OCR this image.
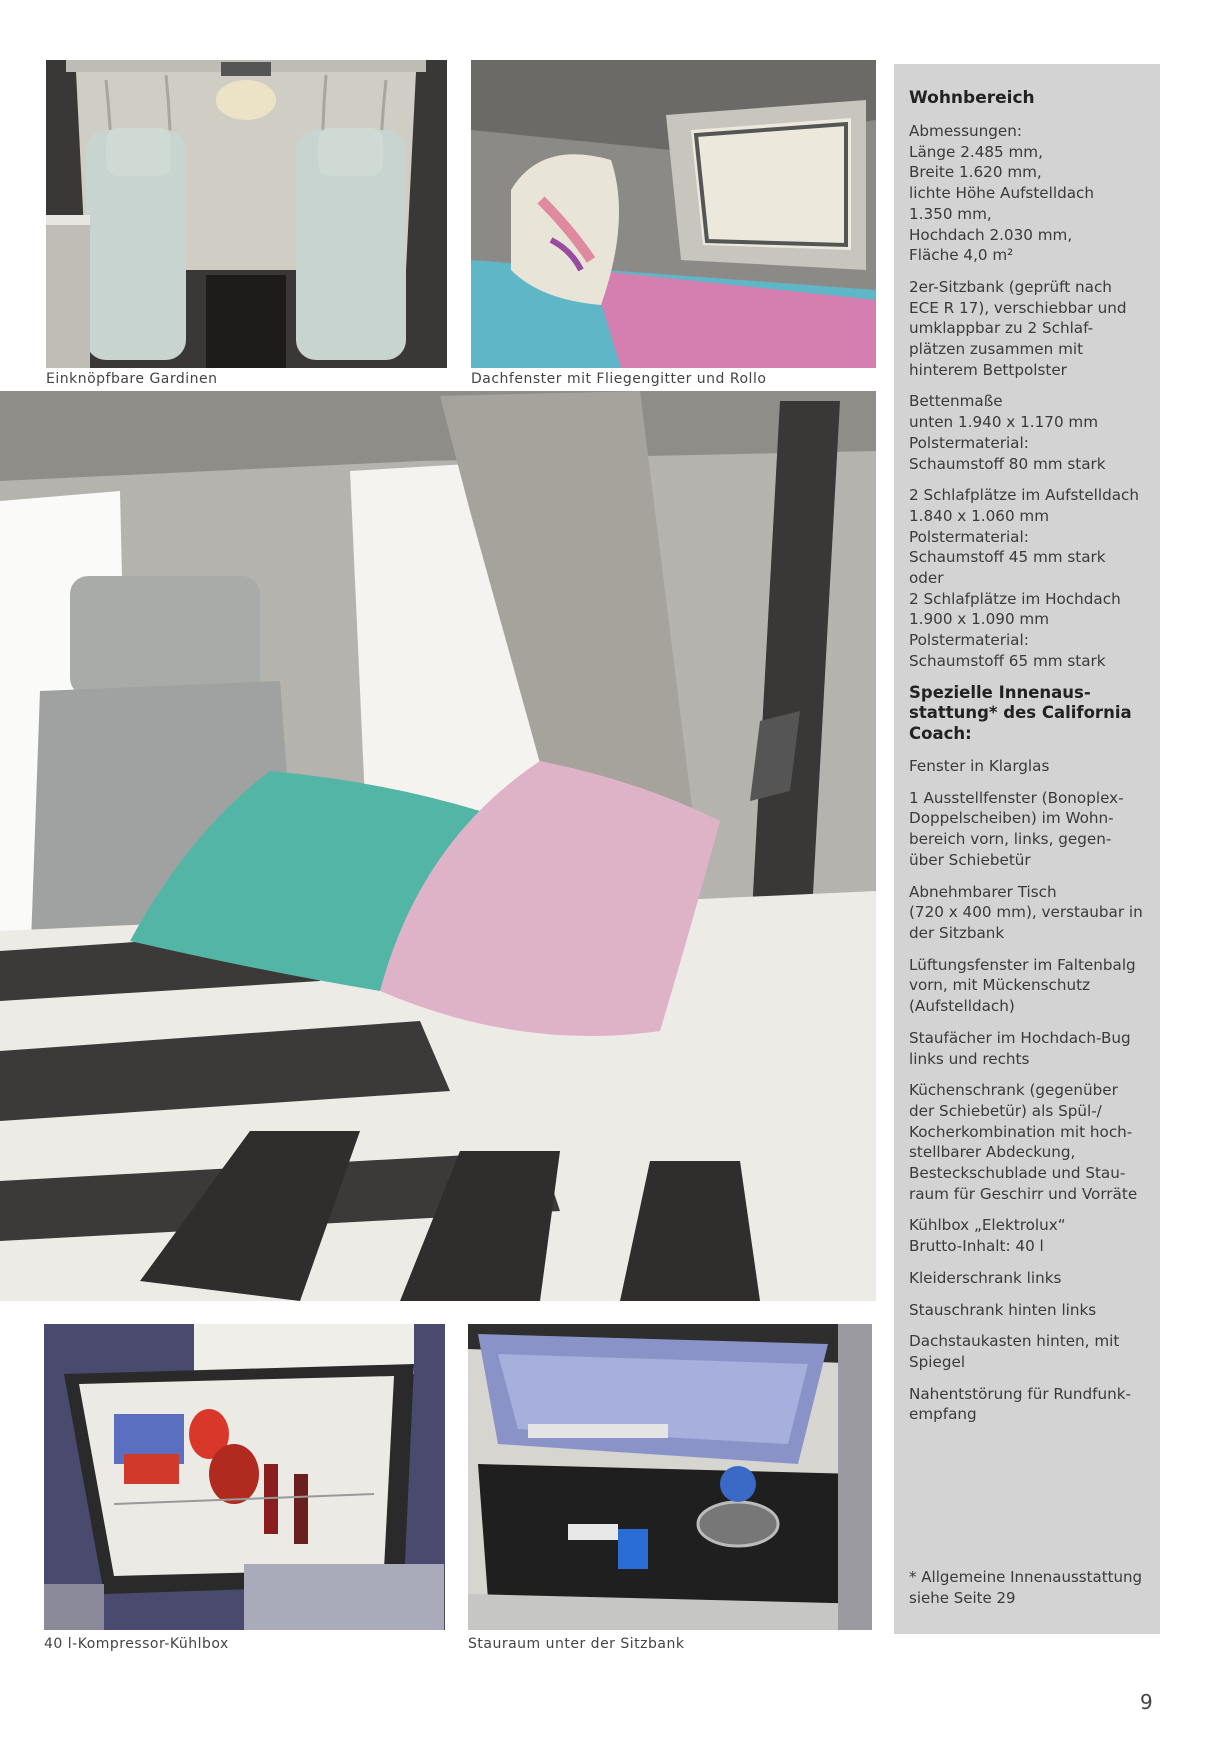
Einknöpfbare Gardinen	Dachfenster mit Fliegengitter und Rollo
40 l-Kompressor-Kühlbox	Stauraum unter der Sitzbank
Wohnbereich

Abmessungen:
Länge 2.485 mm,
Breite 1.620 mm,
lichte Höhe Aufstelldach
1.350 mm,
Hochdach 2.030 mm,
Fläche 4,0 m²

2er-Sitzbank (geprüft nach
ECE R 17), verschiebbar und
umklappbar zu 2 Schlaf-
plätzen zusammen mit
hinterem Bettpolster

Bettenmaße
unten 1.940 x 1.170 mm
Polstermaterial:
Schaumstoff 80 mm stark

2 Schlafplätze im Aufstelldach
1.840 x 1.060 mm
Polstermaterial:
Schaumstoff 45 mm stark
oder
2 Schlafplätze im Hochdach
1.900 x 1.090 mm
Polstermaterial:
Schaumstoff 65 mm stark

Spezielle Innenaus-
stattung* des California
Coach:

Fenster in Klarglas

1 Ausstellfenster (Bonoplex-
Doppelscheiben) im Wohn-
bereich vorn, links, gegen-
über Schiebetür

Abnehmbarer Tisch
(720 x 400 mm), verstaubar in
der Sitzbank

Lüftungsfenster im Faltenbalg
vorn, mit Mückenschutz
(Aufstelldach)

Staufächer im Hochdach-Bug
links und rechts

Küchenschrank (gegenüber
der Schiebetür) als Spül-/
Kocherkombination mit hoch-
stellbarer Abdeckung,
Besteckschublade und Stau-
raum für Geschirr und Vorräte

Kühlbox „Elektrolux“
Brutto-Inhalt: 40 l

Kleiderschrank links

Stauschrank hinten links

Dachstaukasten hinten, mit
Spiegel

Nahentstörung für Rundfunk-
empfang

* Allgemeine Innenausstattung
siehe Seite 29
9
